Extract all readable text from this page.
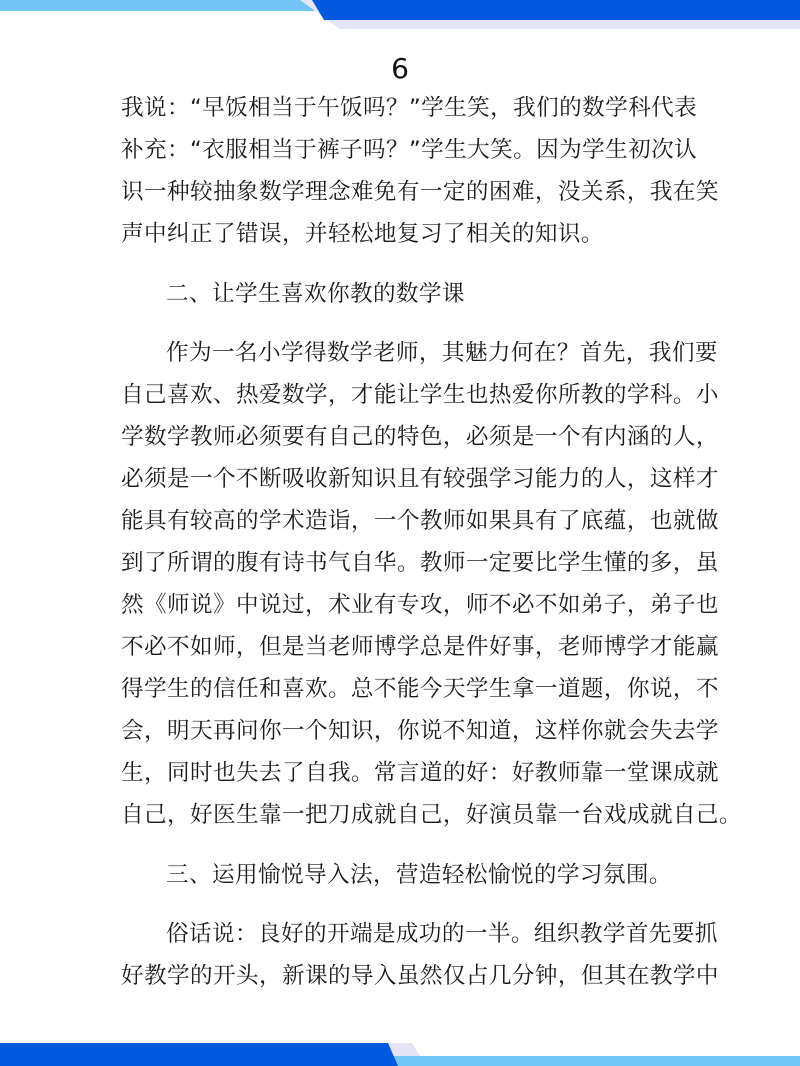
6
我说：“早饭相当于午饭吗？”学生笑，我们的数学科代表
补充：“衣服相当于裤子吗？”学生大笑。因为学生初次认
识一种较抽象数学理念难免有一定的困难，没关系，我在笑
声中纠正了错误，并轻松地复习了相关的知识。
二、让学生喜欢你教的数学课
作为一名小学得数学老师，其魅力何在？首先，我们要
自己喜欢、热爱数学，才能让学生也热爱你所教的学科。小
学数学教师必须要有自己的特色，必须是一个有内涵的人，
必须是一个不断吸收新知识且有较强学习能力的人，这样才
能具有较高的学术造诣，一个教师如果具有了底蕴，也就做
到了所谓的腹有诗书气自华。教师一定要比学生懂的多，虽
然《师说》中说过，术业有专攻，师不必不如弟子，弟子也
不必不如师，但是当老师博学总是件好事，老师博学才能赢
得学生的信任和喜欢。总不能今天学生拿一道题，你说，不
会，明天再问你一个知识，你说不知道，这样你就会失去学
生，同时也失去了自我。常言道的好：好教师靠一堂课成就
自己，好医生靠一把刀成就自己，好演员靠一台戏成就自己。
三、运用愉悦导入法，营造轻松愉悦的学习氛围。
俗话说：良好的开端是成功的一半。组织教学首先要抓
好教学的开头，新课的导入虽然仅占几分钟，但其在教学中
